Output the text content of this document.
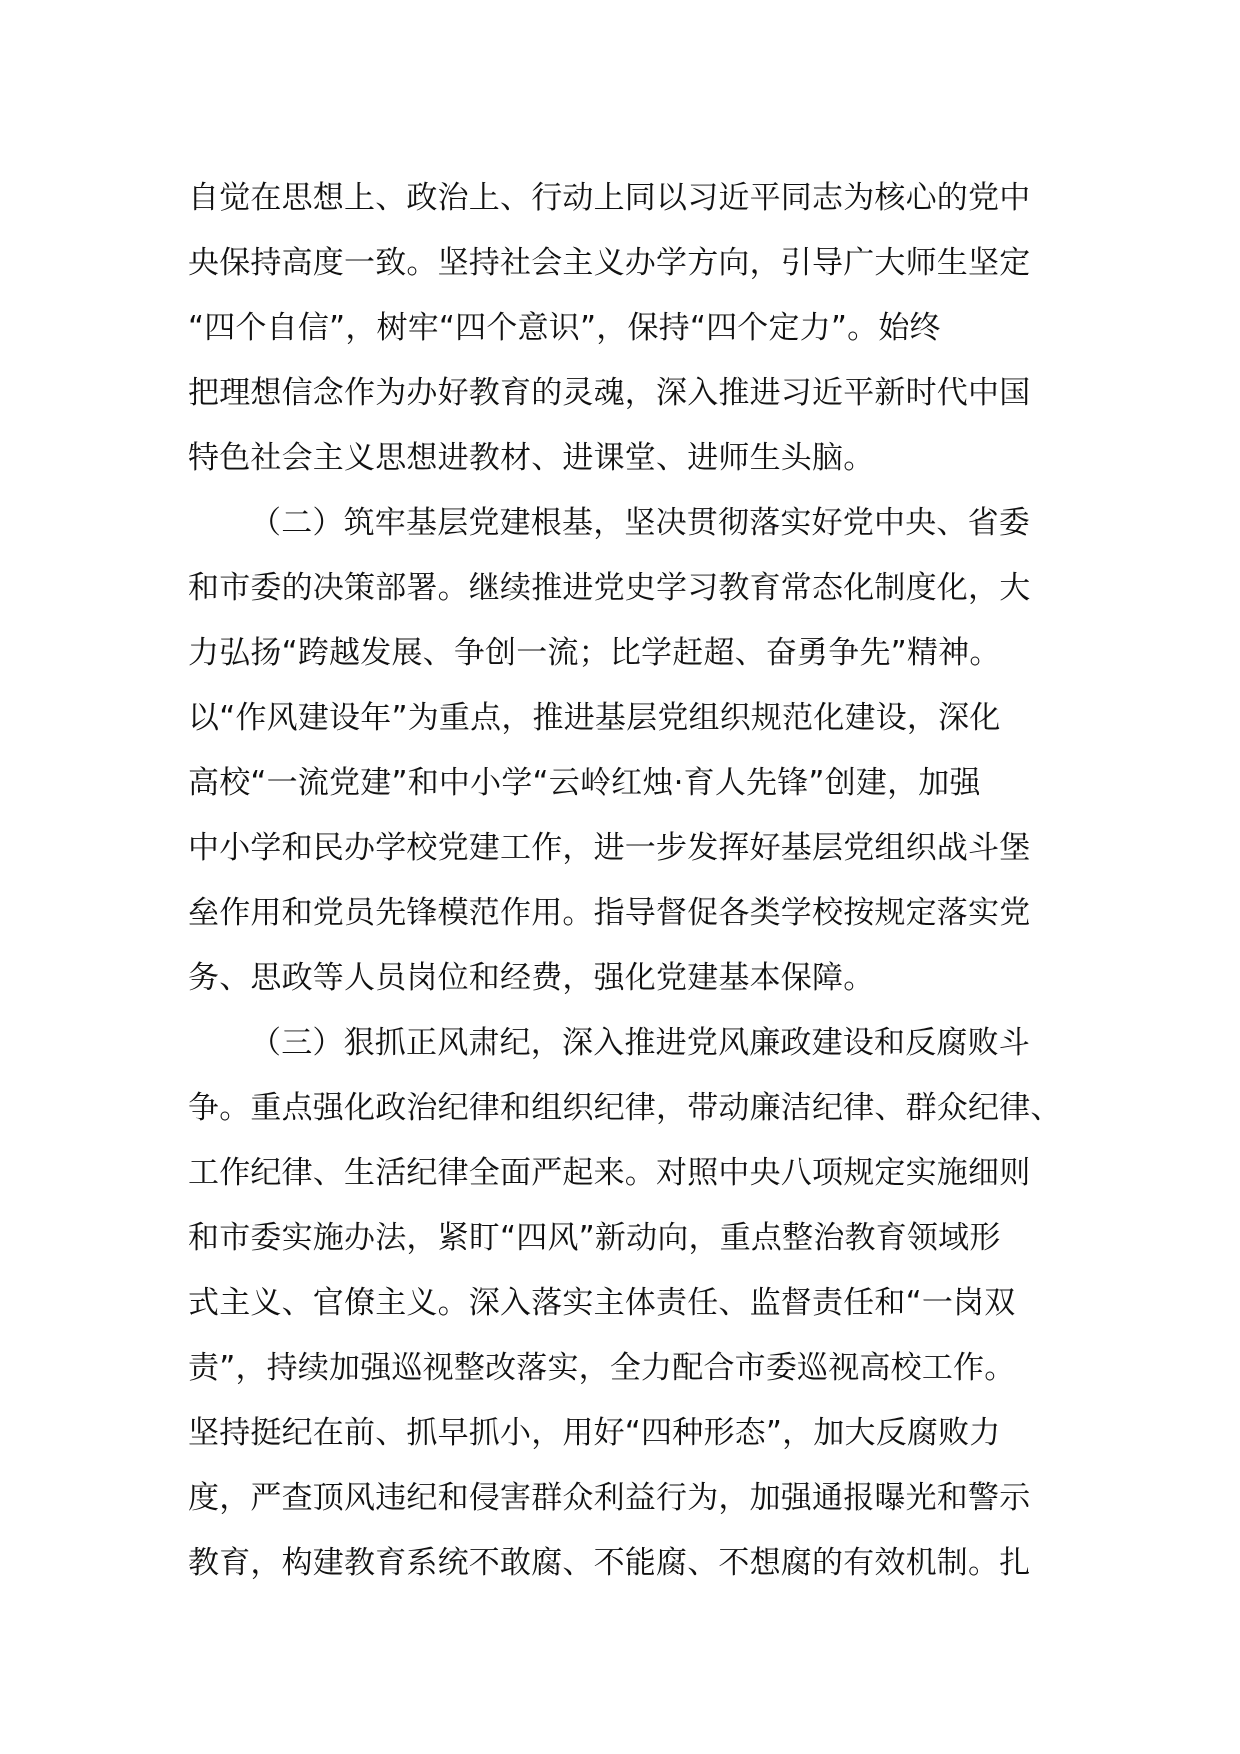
自觉在思想上、政治上、行动上同以习近平同志为核心的党中
央保持高度一致。坚持社会主义办学方向，引导广大师生坚定
“四个自信”，树牢“四个意识”，保持“四个定力”。始终
把理想信念作为办好教育的灵魂，深入推进习近平新时代中国
特色社会主义思想进教材、进课堂、进师生头脑。
（二）筑牢基层党建根基，坚决贯彻落实好党中央、省委
和市委的决策部署。继续推进党史学习教育常态化制度化，大
力弘扬“跨越发展、争创一流；比学赶超、奋勇争先”精神。
以“作风建设年”为重点，推进基层党组织规范化建设，深化
高校“一流党建”和中小学“云岭红烛·育人先锋”创建，加强
中小学和民办学校党建工作，进一步发挥好基层党组织战斗堡
垒作用和党员先锋模范作用。指导督促各类学校按规定落实党
务、思政等人员岗位和经费，强化党建基本保障。
（三）狠抓正风肃纪，深入推进党风廉政建设和反腐败斗
争。重点强化政治纪律和组织纪律，带动廉洁纪律、群众纪律、
工作纪律、生活纪律全面严起来。对照中央八项规定实施细则
和市委实施办法，紧盯“四风”新动向，重点整治教育领域形
式主义、官僚主义。深入落实主体责任、监督责任和“一岗双
责”，持续加强巡视整改落实，全力配合市委巡视高校工作。
坚持挺纪在前、抓早抓小，用好“四种形态”，加大反腐败力
度，严查顶风违纪和侵害群众利益行为，加强通报曝光和警示
教育，构建教育系统不敢腐、不能腐、不想腐的有效机制。扎
